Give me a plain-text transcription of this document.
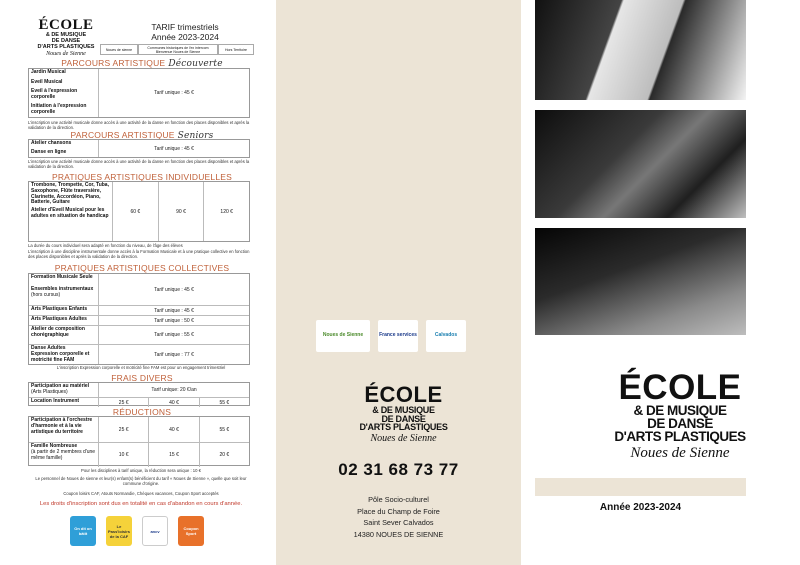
ÉCOLE
& DE MUSIQUE
DE DANSE
D'ARTS PLASTIQUES
Noues de Sienne
TARIF trimestriels
Année 2023-2024
Noues de sienne	Communes historiques de l'ex intercom Bienvenue Noues de Sienne	Hors Territoire
PARCOURS ARTISTIQUE Découverte
Jardin Musical
Eveil Musical
Eveil à l'expression corporelle
Initiation à l'expression corporelle
Tarif unique : 45 €
L'inscription une activité musicale donne accès à une activité de la danse en fonction des places disponibles et après la validation de la direction.
PARCOURS ARTISTIQUE Seniors
Atelier chansons
Danse en ligne
Tarif unique : 45 €
L'inscription une activité musicale donne accès à une activité de la danse en fonction des places disponibles et après la validation de la direction.
PRATIQUES ARTISTIQUES INDIVIDUELLES
Trombone, Trompette, Cor, Tuba, Saxophone, Flûte traversière, Clarinette, Accordéon, Piano, Batterie, Guitare
Atelier d'Eveil Musical pour les adultes en situation de handicap
60 €	90 €	120 €
La durée du cours individuel sera adapté en fonction du niveau, de l'âge des élèves
L'inscription à une discipline instrumentale donne accès à la Formation Musicale et à une pratique collective en fonction des places disponibles et après la validation de la direction.
PRATIQUES ARTISTIQUES COLLECTIVES
Formation Musicale Seule
Ensembles instrumentaux
(hors cursus)
Tarif unique : 45 €
Arts Plastiques Enfants	Tarif unique : 45 €
Arts Plastiques Adultes	Tarif unique : 50 €
Atelier de composition chorégraphique	Tarif unique : 55 €
Danse Adultes
Expression corporelle et motricité fine FAM
Tarif unique : 77 €
L'inscription Expression corporelle et motricité fine FAM est pour un engagement trimestriel
FRAIS DIVERS
Participation au matériel
(Arts Plastiques)	Tarif unique: 20 €/an
Location Instrument	25 €	40 €	55 €
RÉDUCTIONS
Participation à l'orchestre d'harmonie et à la vie artistique du territoire	25 €	40 €	55 €
Famille Nombreuse
(à partir de 2 membres d'une même famille)	10 €	15 €	20 €
Pour les disciplines à tarif unique, la réduction sera unique : 10 €
Le personnel de Noues de sienne et leur(s) enfant(s) bénéficient du tarif « Noues de Sienne », quelle que soit leur commune d'origine.
Coupon loisirs CAF, Atouts Normandie, Chèques vacances, Coupon Sport acceptés
Les droits d'inscription sont dus en totalité en cas d'abandon en cours d'année.
On dit on bâtit
Le Pass'loisirs de la CAF
ancv	Coupon Sport
Noues de Sienne	France services	Calvados
ÉCOLE
& DE MUSIQUE
DE DANSE
D'ARTS PLASTIQUES
Noues de Sienne
02 31 68 73 77
Pôle Socio-culturel
Place du Champ de Foire
Saint Sever Calvados
14380 NOUES DE SIENNE
ÉCOLE
& DE MUSIQUE
DE DANSE
D'ARTS PLASTIQUES
Noues de Sienne
Année 2023-2024
